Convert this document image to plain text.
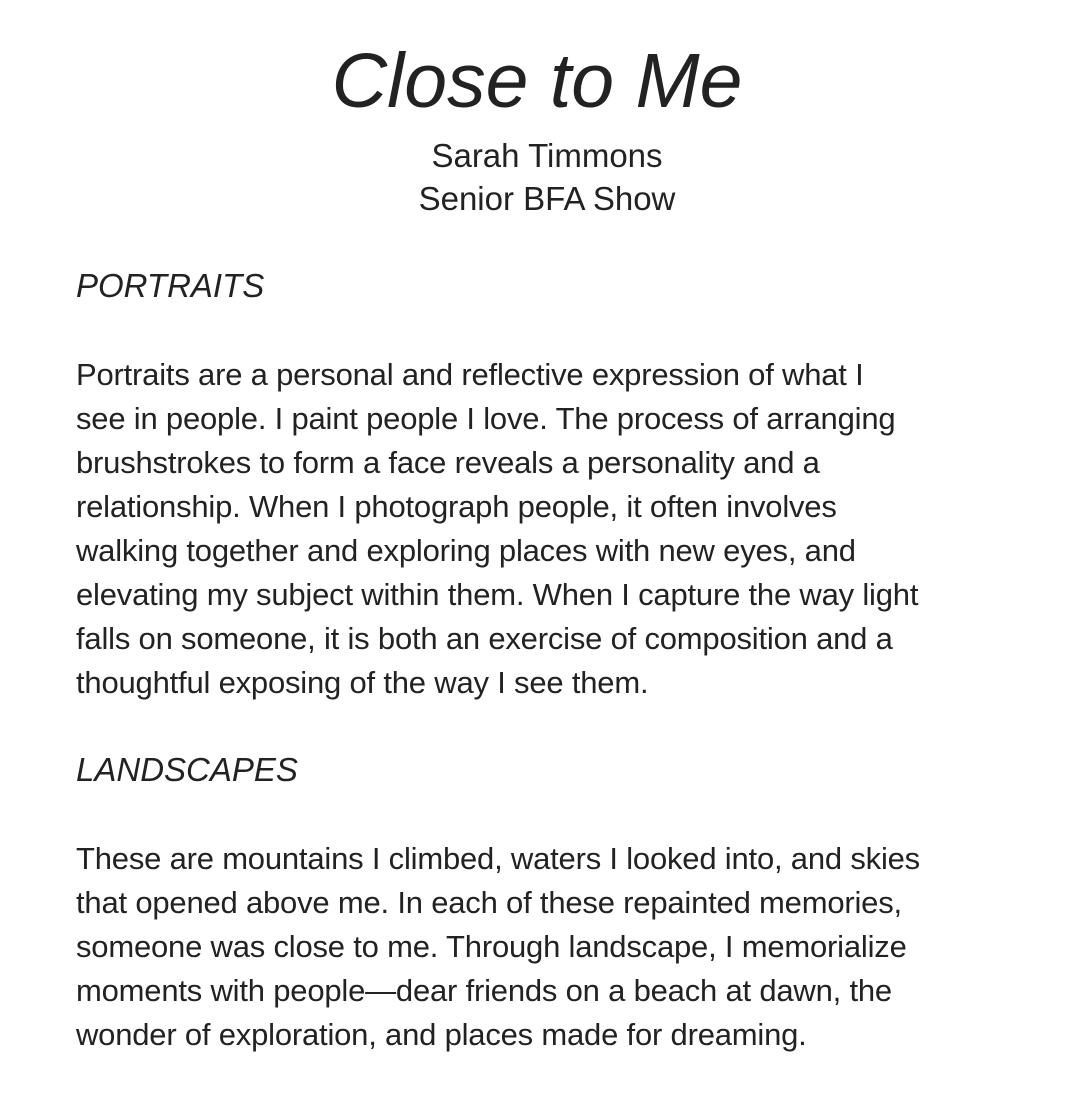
Close to Me

Sarah Timmons

Senior BFA Show

PORTRAITS

Portraits are a personal and reflective expression of what I
see in people. I paint people I love. The process of arranging
brushstrokes to form a face reveals a personality and a
relationship. When I photograph people, it often involves
walking together and exploring places with new eyes, and
elevating my subject within them. When I capture the way light
falls on someone, it is both an exercise of composition and a
thoughtful exposing of the way I see them.

LANDSCAPES

These are mountains I climbed, waters I looked into, and skies
that opened above me. In each of these repainted memories,
someone was close to me. Through landscape, I memorialize
moments with people—dear friends on a beach at dawn, the
wonder of exploration, and places made for dreaming.
